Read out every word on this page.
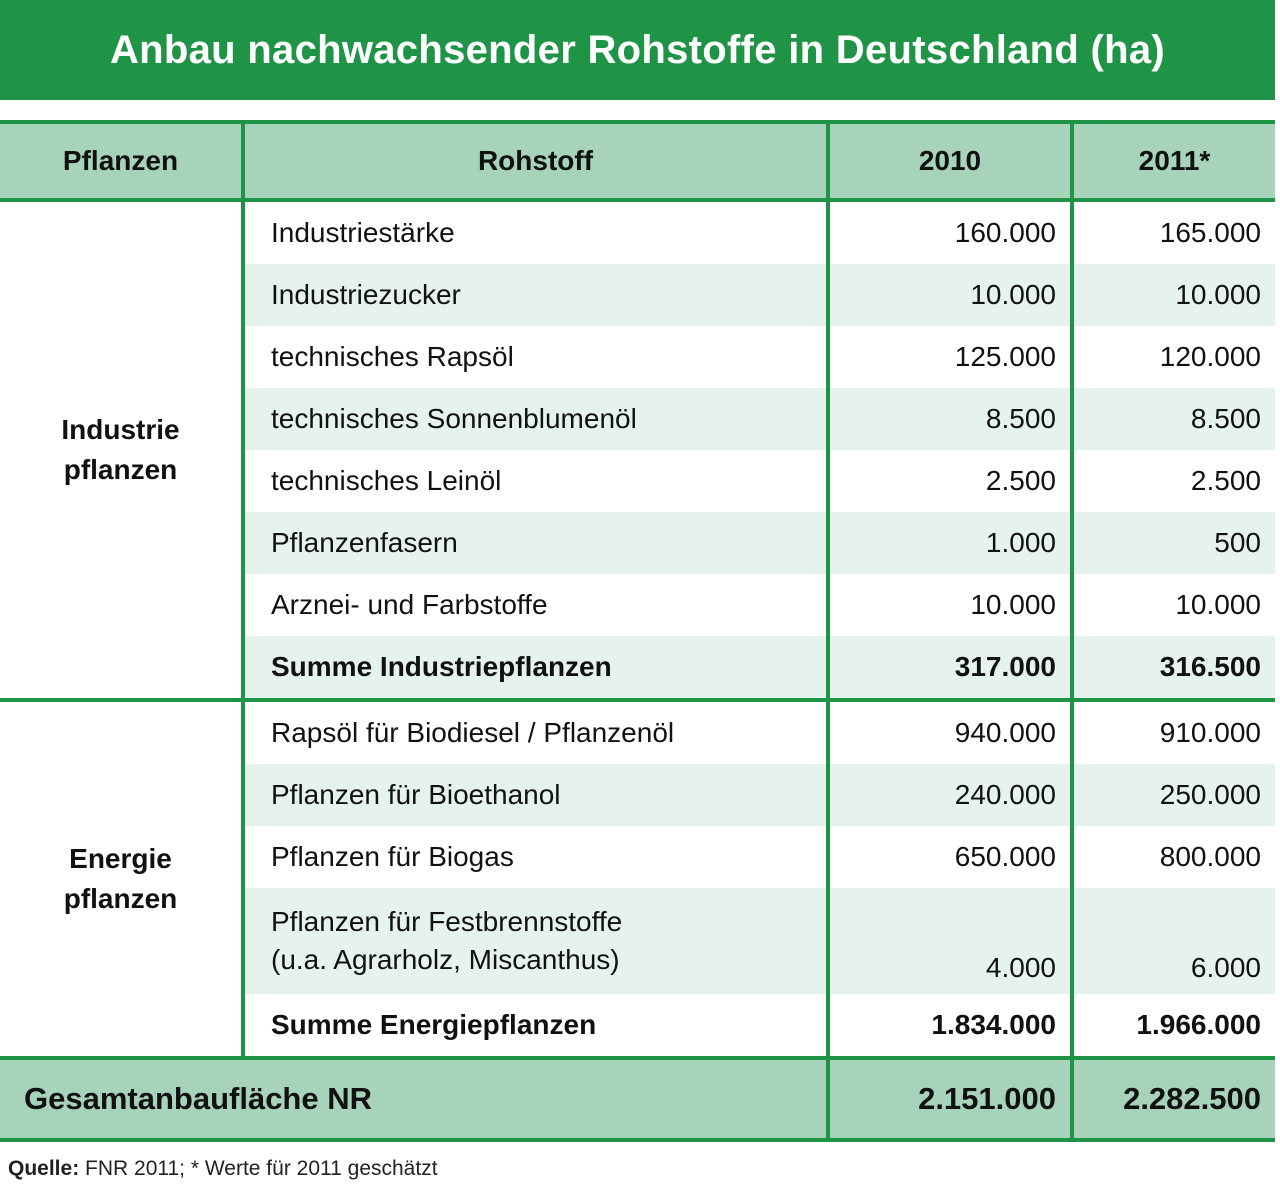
Anbau nachwachsender Rohstoffe in Deutschland (ha)
Pflanzen	Rohstoff	2010	2011*
Industrie
pflanzen	Industriestärke	160.000	165.000
	Industriezucker	10.000	10.000
	technisches Rapsöl	125.000	120.000
	technisches Sonnenblumenöl	8.500	8.500
	technisches Leinöl	2.500	2.500
	Pflanzenfasern	1.000	500
	Arznei- und Farbstoffe	10.000	10.000
	Summe Industriepflanzen	317.000	316.500
Energie
pflanzen	Rapsöl für Biodiesel / Pflanzenöl	940.000	910.000
	Pflanzen für Bioethanol	240.000	250.000
	Pflanzen für Biogas	650.000	800.000
	Pflanzen für Festbrennstoffe
(u.a. Agrarholz, Miscanthus)	4.000	6.000
	Summe Energiepflanzen	1.834.000	1.966.000
Gesamtanbaufläche NR		2.151.000	2.282.500
Quelle: FNR 2011; * Werte für 2011 geschätzt
